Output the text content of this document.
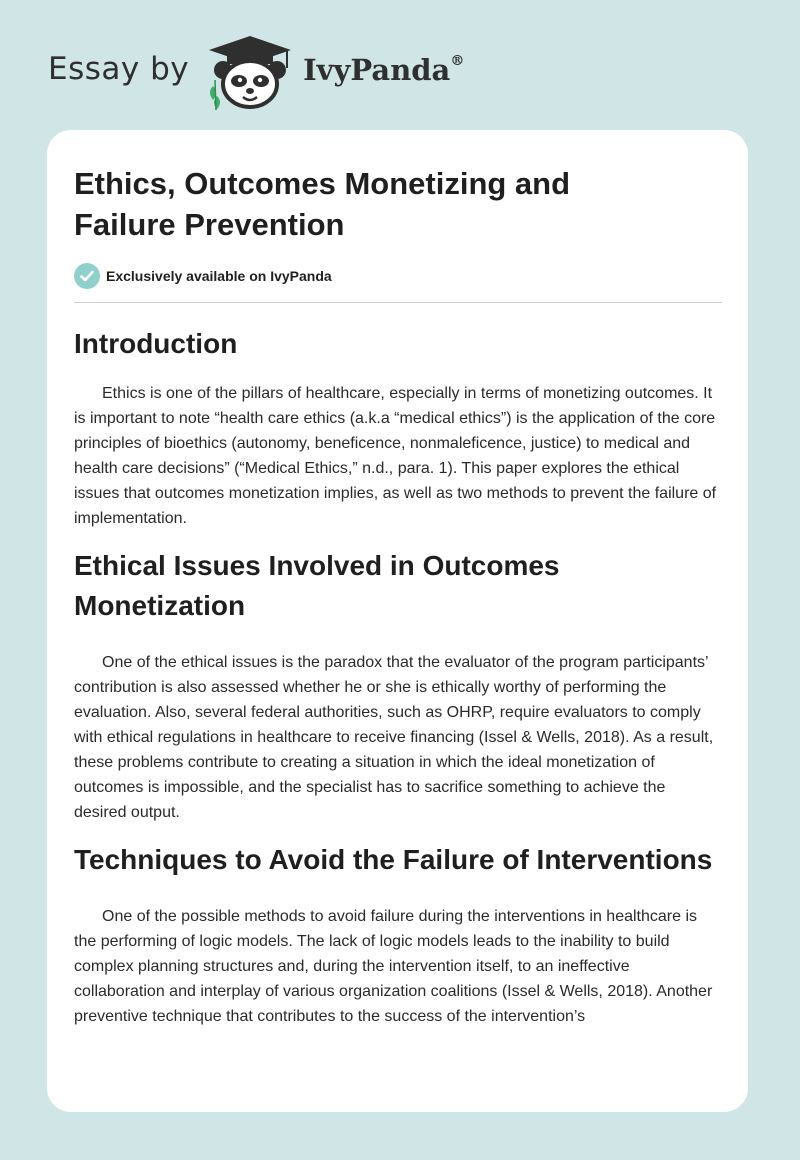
Essay by	IvyPanda®
Ethics, Outcomes Monetizing and Failure Prevention
Exclusively available on IvyPanda
Introduction

Ethics is one of the pillars of healthcare, especially in terms of monetizing outcomes. It is important to note “health care ethics (a.k.a “medical ethics”) is the application of the core principles of bioethics (autonomy, beneficence, nonmaleficence, justice) to medical and health care decisions” (“Medical Ethics,” n.d., para. 1). This paper explores the ethical issues that outcomes monetization implies, as well as two methods to prevent the failure of implementation.

Ethical Issues Involved in Outcomes Monetization

One of the ethical issues is the paradox that the evaluator of the program participants’ contribution is also assessed whether he or she is ethically worthy of performing the evaluation. Also, several federal authorities, such as OHRP, require evaluators to comply with ethical regulations in healthcare to receive financing (Issel & Wells, 2018). As a result, these problems contribute to creating a situation in which the ideal monetization of outcomes is impossible, and the specialist has to sacrifice something to achieve the desired output.

Techniques to Avoid the Failure of Interventions

One of the possible methods to avoid failure during the interventions in healthcare is the performing of logic models. The lack of logic models leads to the inability to build complex planning structures and, during the intervention itself, to an ineffective collaboration and interplay of various organization coalitions (Issel & Wells, 2018). Another preventive technique that contributes to the success of the intervention’s
